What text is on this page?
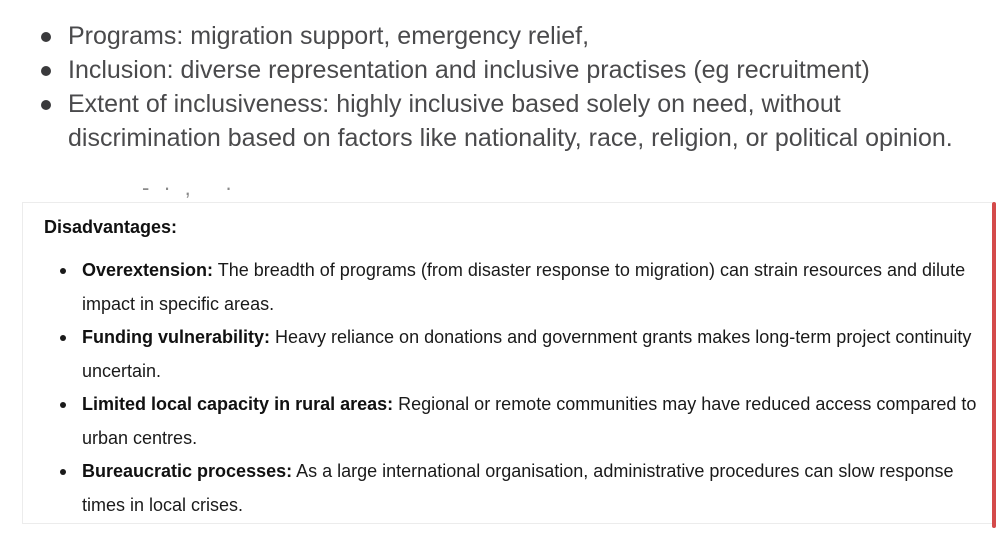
Programs: migration support, emergency relief,
Inclusion: diverse representation and inclusive practises (eg recruitment)
Extent of inclusiveness: highly inclusive based solely on need, without discrimination based on factors like nationality, race, religion, or political opinion.
-·, ·
Disadvantages:
Overextension: The breadth of programs (from disaster response to migration) can strain resources and dilute impact in specific areas.
Funding vulnerability: Heavy reliance on donations and government grants makes long-term project continuity uncertain.
Limited local capacity in rural areas: Regional or remote communities may have reduced access compared to urban centres.
Bureaucratic processes: As a large international organisation, administrative procedures can slow response times in local crises.
